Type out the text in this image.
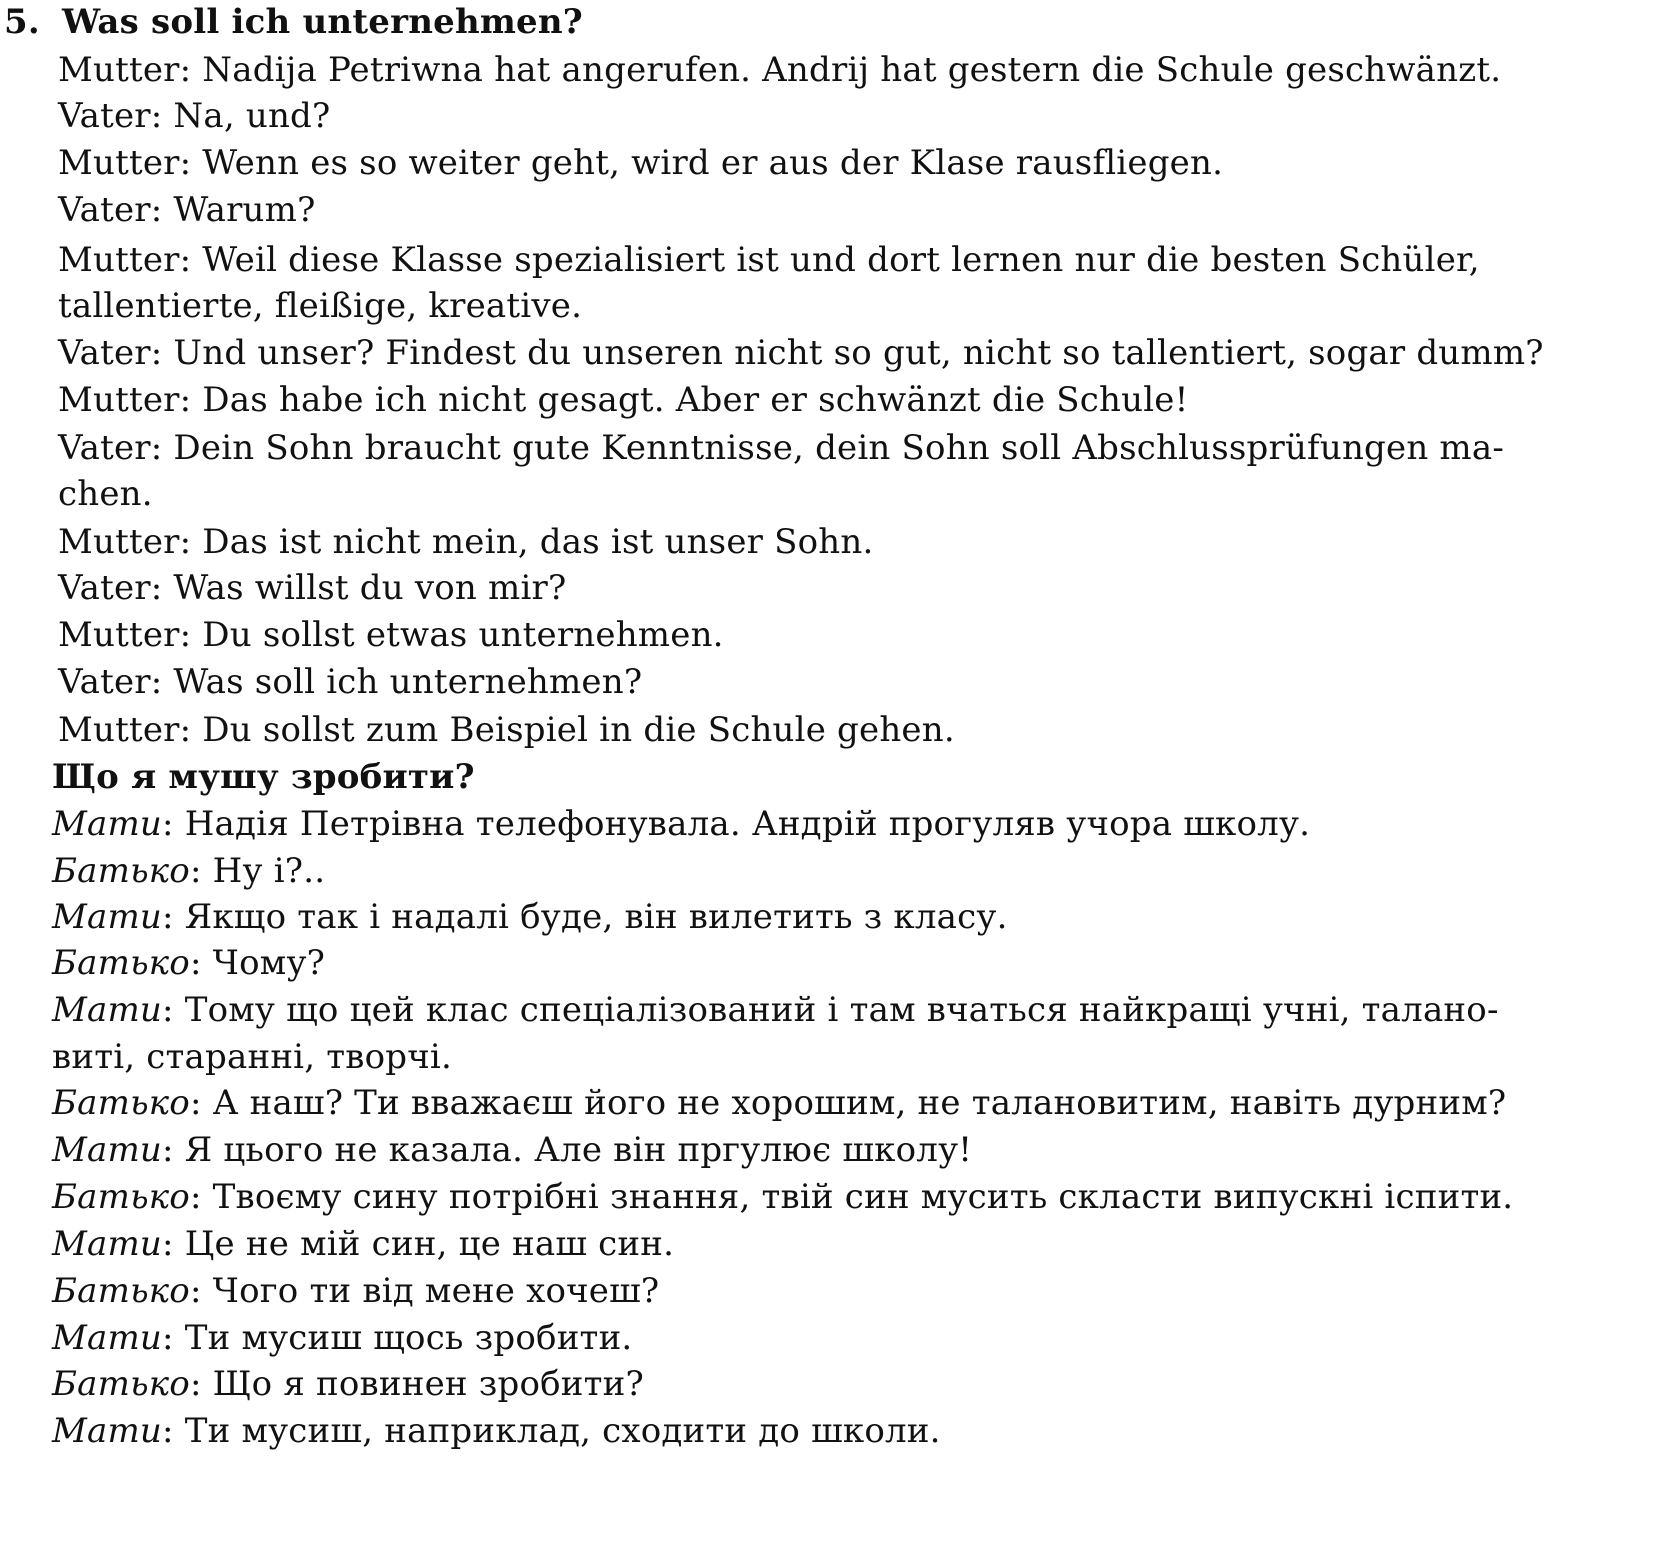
5. Was soll ich unternehmen?
Mutter: Nadija Petriwna hat angerufen. Andrij hat gestern die Schule geschwänzt.
Vater: Na, und?
Mutter: Wenn es so weiter geht, wird er aus der Klase rausfliegen.
Vater: Warum?
Mutter: Weil diese Klasse spezialisiert ist und dort lernen nur die besten Schüler,
tallentierte, fleißige, kreative.
Vater: Und unser? Findest du unseren nicht so gut, nicht so tallentiert, sogar dumm?
Mutter: Das habe ich nicht gesagt. Aber er schwänzt die Schule!
Vater: Dein Sohn braucht gute Kenntnisse, dein Sohn soll Abschlussprüfungen ma-
chen.
Mutter: Das ist nicht mein, das ist unser Sohn.
Vater: Was willst du von mir?
Mutter: Du sollst etwas unternehmen.
Vater: Was soll ich unternehmen?
Mutter: Du sollst zum Beispiel in die Schule gehen.
Що я мушу зробити?
Мати: Надія Петрівна телефонувала. Андрій прогуляв учора школу.
Батько: Ну і?..
Мати: Якщо так і надалі буде, він вилетить з класу.
Батько: Чому?
Мати: Тому що цей клас спеціалізований і там вчаться найкращі учні, талано-
виті, старанні, творчі.
Батько: А наш? Ти вважаєш його не хорошим, не талановитим, навіть дурним?
Мати: Я цього не казала. Але він пргулює школу!
Батько: Твоєму сину потрібні знання, твій син мусить скласти випускні іспити.
Мати: Це не мій син, це наш син.
Батько: Чого ти від мене хочеш?
Мати: Ти мусиш щось зробити.
Батько: Що я повинен зробити?
Мати: Ти мусиш, наприклад, сходити до школи.
